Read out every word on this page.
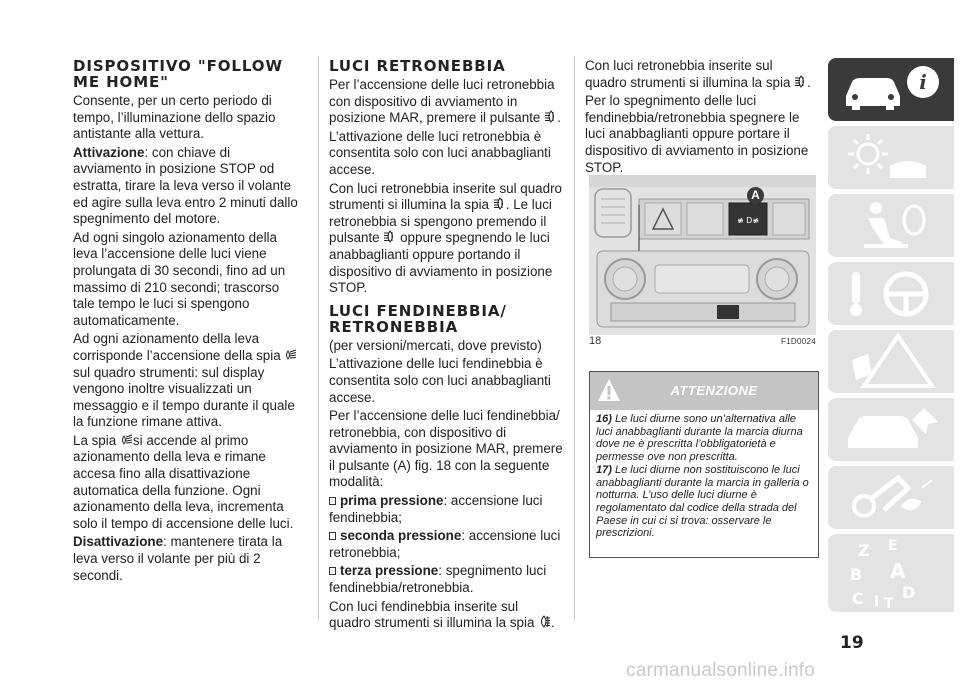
DISPOSITIVO "FOLLOW ME HOME"

Consente, per un certo periodo di tempo, l’illuminazione dello spazio antistante alla vettura.

Attivazione: con chiave di avviamento in posizione STOP od estratta, tirare la leva verso il volante ed agire sulla leva entro 2 minuti dallo spegnimento del motore.

Ad ogni singolo azionamento della leva l’accensione delle luci viene prolungata di 30 secondi, fino ad un massimo di 210 secondi; trascorso tale tempo le luci si spengono automaticamente.

Ad ogni azionamento della leva corrisponde l’accensione della spia sul quadro strumenti: sul display vengono inoltre visualizzati un messaggio e il tempo durante il quale la funzione rimane attiva.

La spia si accende al primo azionamento della leva e rimane accesa fino alla disattivazione automatica della funzione. Ogni azionamento della leva, incrementa solo il tempo di accensione delle luci.

Disattivazione: mantenere tirata la leva verso il volante per più di 2 secondi.

LUCI RETRONEBBIA

Per l’accensione delle luci retronebbia con dispositivo di avviamento in posizione MAR, premere il pulsante .

L’attivazione delle luci retronebbia è consentita solo con luci anabbaglianti accese.

Con luci retronebbia inserite sul quadro strumenti si illumina la spia . Le luci retronebbia si spengono premendo il pulsante oppure spegnendo le luci anabbaglianti oppure portando il dispositivo di avviamento in posizione STOP.

LUCI FENDINEBBIA/ RETRONEBBIA

(per versioni/mercati, dove previsto)

L’attivazione delle luci fendinebbia è consentita solo con luci anabbaglianti accese.

Per l’accensione delle luci fendinebbia/ retronebbia, con dispositivo di avviamento in posizione MAR, premere il pulsante (A) fig. 18 con la seguente modalità:

prima pressione: accensione luci fendinebbia;

seconda pressione: accensione luci retronebbia;

terza pressione: spegnimento luci fendinebbia/retronebbia.

Con luci fendinebbia inserite sul quadro strumenti si illumina la spia .

Con luci retronebbia inserite sul quadro strumenti si illumina la spia .

Per lo spegnimento delle luci fendinebbia/retronebbia spegnere le luci anabbaglianti oppure portare il dispositivo di avviamento in posizione STOP.

≢ D≢
A
18	F1D0024
ATTENZIONE

16) Le luci diurne sono un’alternativa alle luci anabbaglianti durante la marcia diurna dove ne è prescritta l’obbligatorietà e permesse ove non prescritta.

17) Le luci diurne non sostituiscono le luci anabbaglianti durante la marcia in galleria o notturna. L’uso delle luci diurne è regolamentato dal codice della strada del Paese in cui ci si trova: osservare le prescrizioni.

i
Z E
B A
C D
I T
19
carmanualsonline.info
